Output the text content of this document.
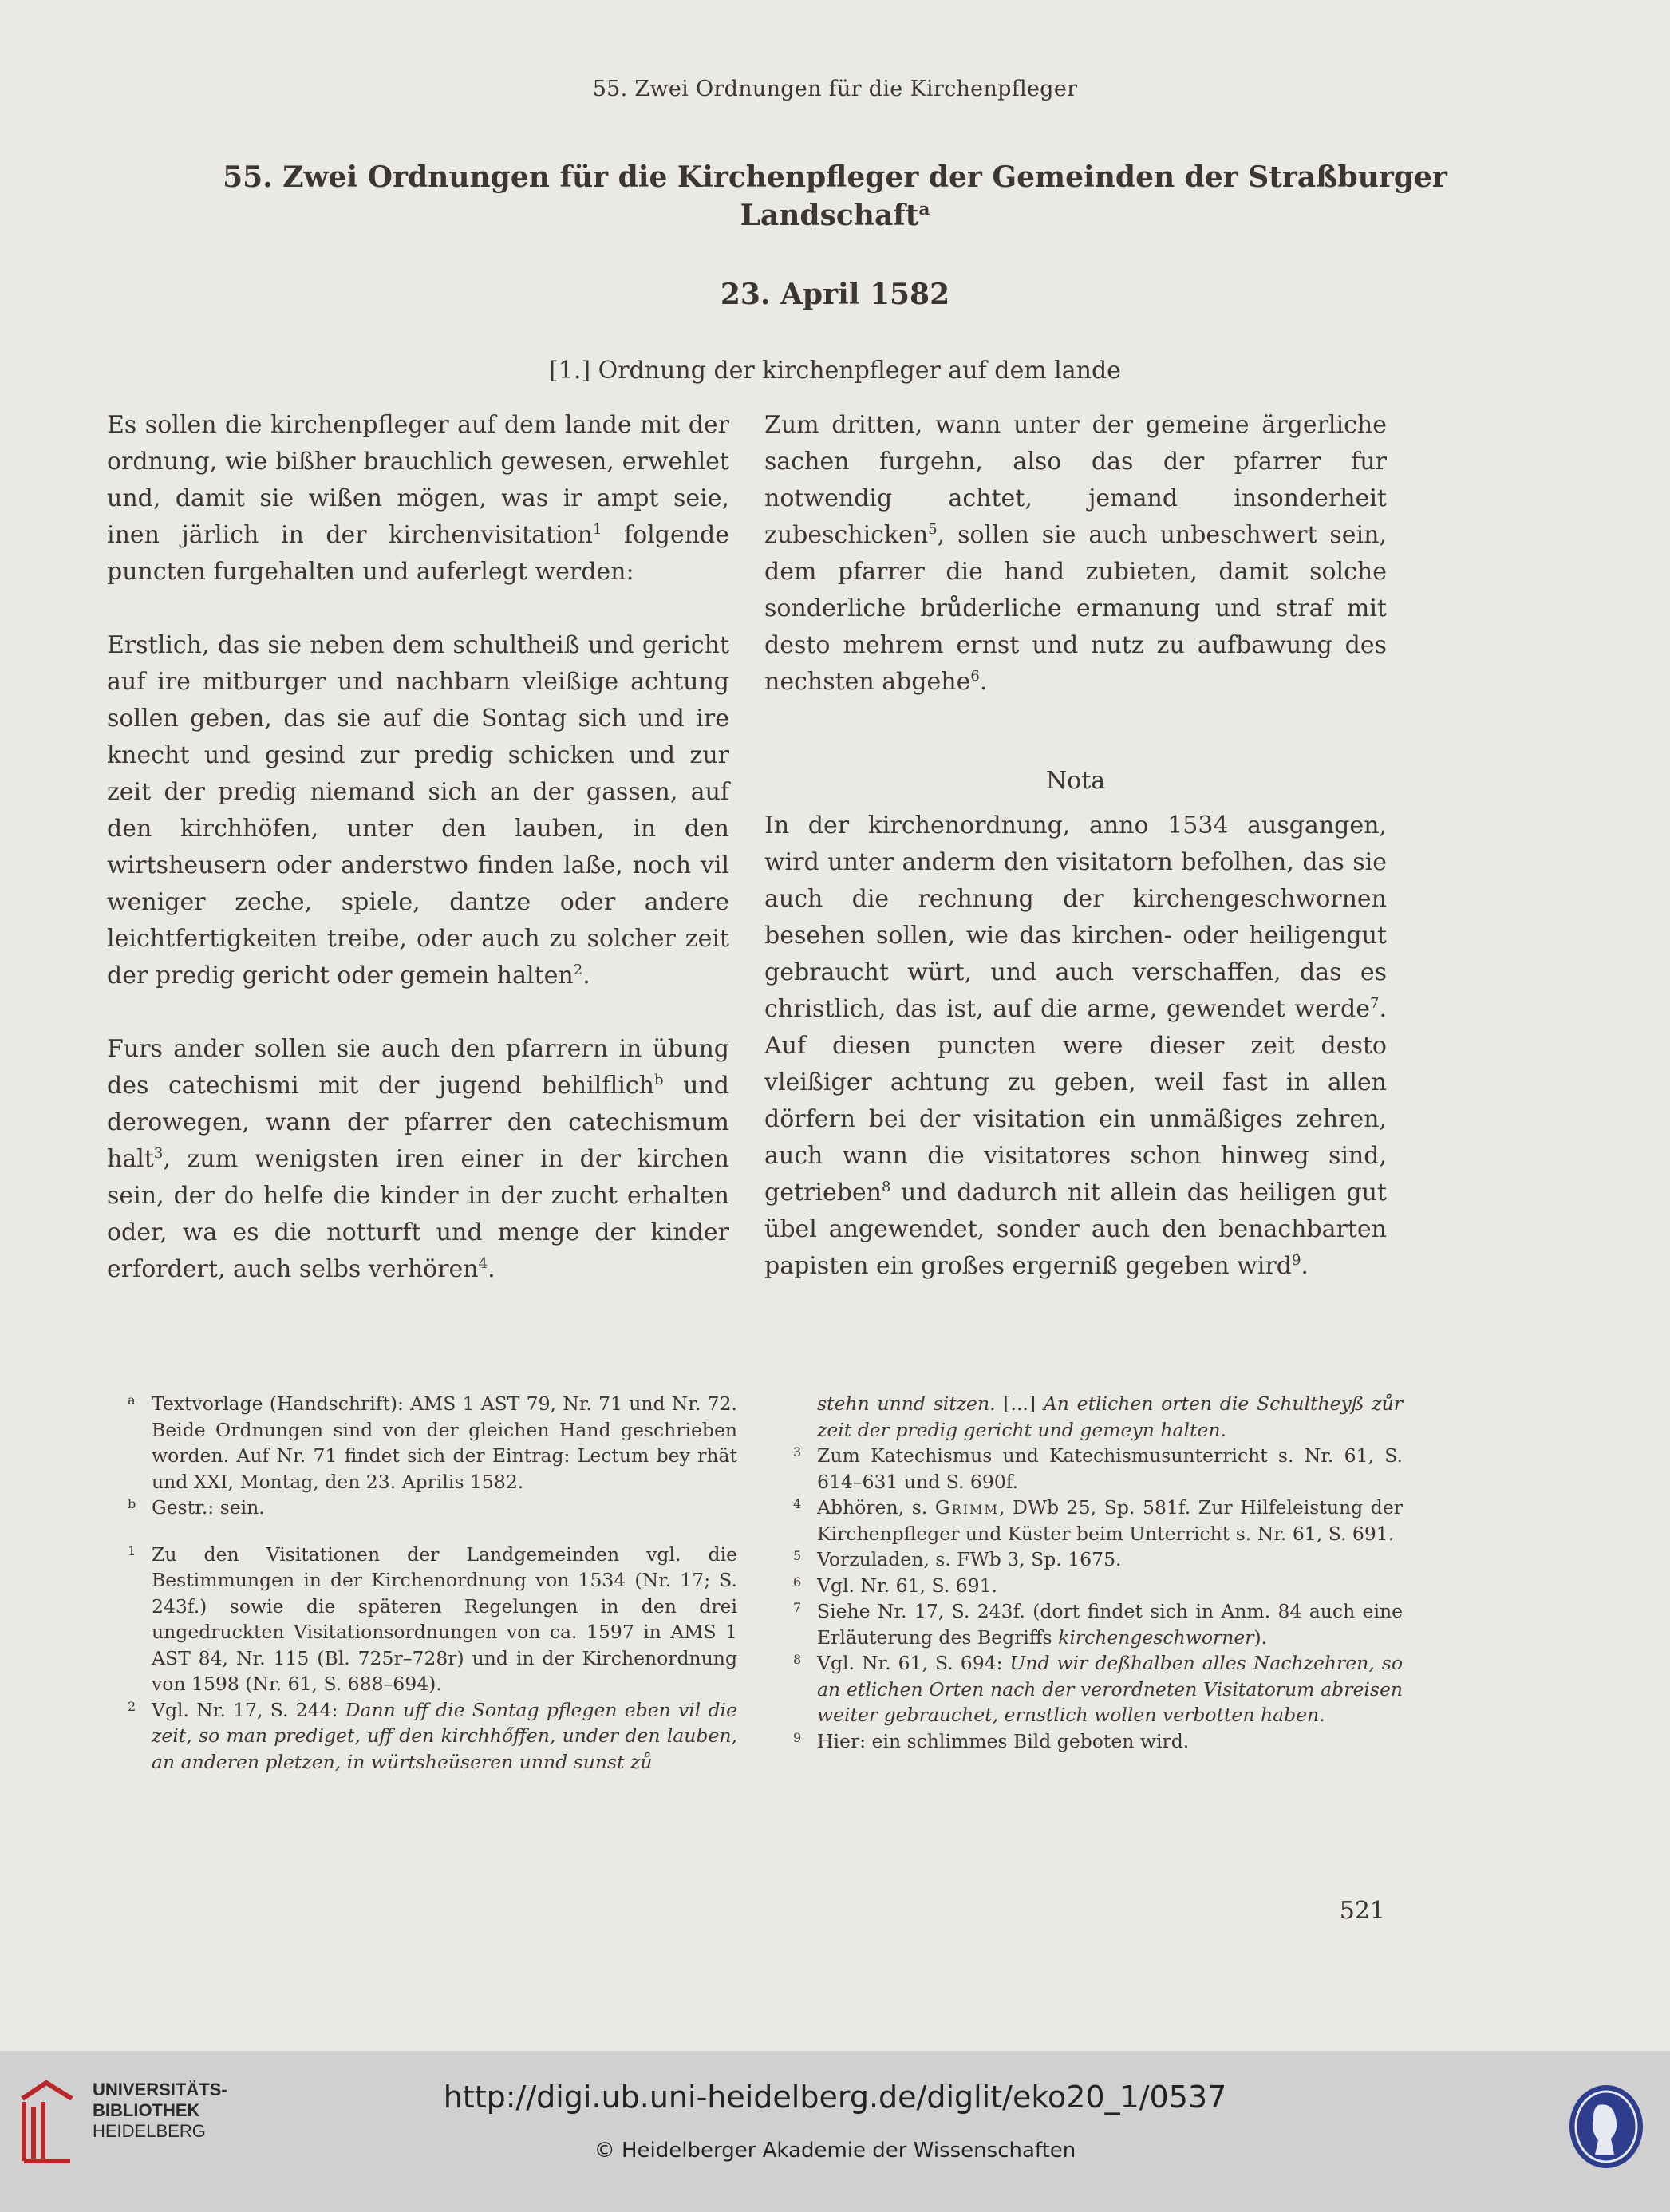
55. Zwei Ordnungen für die Kirchenpfleger
55. Zwei Ordnungen für die Kirchenpfleger der Gemeinden der Straßburger
Landschaft$^a$
23. April 1582
[1.] Ordnung der kirchenpfleger auf dem lande

Es sollen die kirchenpfleger auf dem lande mit der ordnung, wie bißher brauchlich gewesen, erwehlet und, damit sie wißen mögen, was ir ampt seie, inen järlich in der kirchenvisitation$^1$ folgende puncten furgehalten und auferlegt werden:

Erstlich, das sie neben dem schultheiß und gericht auf ire mitburger und nachbarn vleißige achtung sollen geben, das sie auf die Sontag sich und ire knecht und gesind zur predig schicken und zur zeit der predig niemand sich an der gassen, auf den kirchhöfen, unter den lauben, in den wirtsheusern oder anderstwo finden laße, noch vil weniger zeche, spiele, dantze oder andere leichtfertigkeiten treibe, oder auch zu solcher zeit der predig gericht oder gemein halten$^2$.

Furs ander sollen sie auch den pfarrern in übung des catechismi mit der jugend behilflich$^b$ und derowegen, wann der pfarrer den catechismum halt$^3$, zum wenigsten iren einer in der kirchen sein, der do helfe die kinder in der zucht erhalten oder, wa es die notturft und menge der kinder erfordert, auch selbs verhören$^4$.

Zum dritten, wann unter der gemeine ärgerliche sachen furgehn, also das der pfarrer fur notwendig achtet, jemand insonderheit zubeschicken$^5$, sollen sie auch unbeschwert sein, dem pfarrer die hand zubieten, damit solche sonderliche brůderliche ermanung und straf mit desto mehrem ernst und nutz zu aufbawung des nechsten abgehe$^6$.

Nota

In der kirchenordnung, anno 1534 ausgangen, wird unter anderm den visitatorn befolhen, das sie auch die rechnung der kirchengeschwornen besehen sollen, wie das kirchen- oder heiligengut gebraucht würt, und auch verschaffen, das es christlich, das ist, auf die arme, gewendet werde$^7$. Auf diesen puncten were dieser zeit desto vleißiger achtung zu geben, weil fast in allen dörfern bei der visitation ein unmäßiges zehren, auch wann die visitatores schon hinweg sind, getrieben$^8$ und dadurch nit allein das heiligen gut übel angewendet, sonder auch den benachbarten papisten ein großes ergerniß gegeben wird$^9$.

a Textvorlage (Handschrift): AMS 1 AST 79, Nr. 71 und Nr. 72. Beide Ordnungen sind von der gleichen Hand geschrieben worden. Auf Nr. 71 findet sich der Eintrag: Lectum bey rhät und XXI, Montag, den 23. Aprilis 1582.
b Gestr.: sein.
1 Zu den Visitationen der Landgemeinden vgl. die Bestimmungen in der Kirchenordnung von 1534 (Nr. 17; S. 243f.) sowie die späteren Regelungen in den drei ungedruckten Visitationsordnungen von ca. 1597 in AMS 1 AST 84, Nr. 115 (Bl. 725r–728r) und in der Kirchenordnung von 1598 (Nr. 61, S. 688–694).
2 Vgl. Nr. 17, S. 244: Dann uff die Sontag pflegen eben vil die zeit, so man prediget, uff den kirchhőffen, under den lauben, an anderen pletzen, in würtsheüseren unnd sunst zů
stehn unnd sitzen. [...] An etlichen orten die Schultheyß zůr zeit der predig gericht und gemeyn halten.
3 Zum Katechismus und Katechismusunterricht s. Nr. 61, S. 614–631 und S. 690f.
4 Abhören, s. Grimm, DWb 25, Sp. 581f. Zur Hilfeleistung der Kirchenpfleger und Küster beim Unterricht s. Nr. 61, S. 691.
5 Vorzuladen, s. FWb 3, Sp. 1675.
6 Vgl. Nr. 61, S. 691.
7 Siehe Nr. 17, S. 243f. (dort findet sich in Anm. 84 auch eine Erläuterung des Begriffs kirchengeschworner).
8 Vgl. Nr. 61, S. 694: Und wir deßhalben alles Nachzehren, so an etlichen Orten nach der verordneten Visitatorum abreisen weiter gebrauchet, ernstlich wollen verbotten haben.
9 Hier: ein schlimmes Bild geboten wird.
521
UNIVERSITÄTS-
BIBLIOTHEK
HEIDELBERG
http://digi.ub.uni-heidelberg.de/diglit/eko20_1/0537
© Heidelberger Akademie der Wissenschaften
